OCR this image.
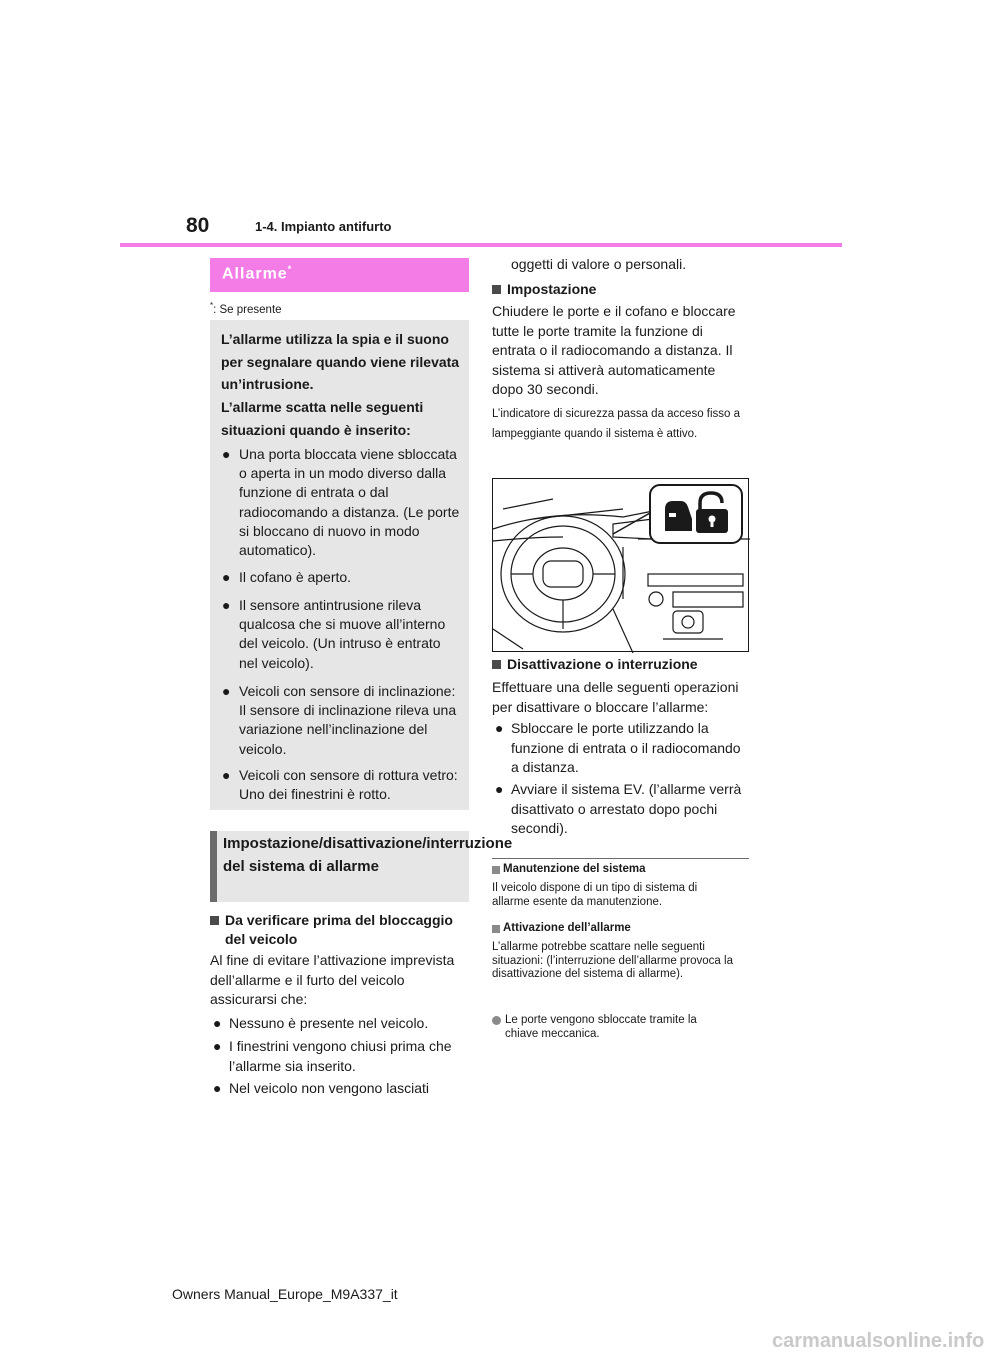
80	1-4. Impianto antifurto
Allarme*
*: Se presente
L’allarme utilizza la spia e il suono per segnalare quando viene rilevata un’intrusione.
L’allarme scatta nelle seguenti situazioni quando è inserito:
● Una porta bloccata viene sbloccata o aperta in un modo diverso dalla funzione di entrata o dal radiocomando a distanza. (Le porte si bloccano di nuovo in modo automatico).
● Il cofano è aperto.
● Il sensore antintrusione rileva qualcosa che si muove all’interno del veicolo. (Un intruso è entrato nel veicolo).
● Veicoli con sensore di inclinazione: Il sensore di inclinazione rileva una variazione nell’inclinazione del veicolo.
● Veicoli con sensore di rottura vetro: Uno dei finestrini è rotto.
Impostazione/disattivazione/interruzione del sistema di allarme
Da verificare prima del bloccaggio del veicolo
Al fine di evitare l’attivazione imprevista dell’allarme e il furto del veicolo assicurarsi che:
● Nessuno è presente nel veicolo.
● I finestrini vengono chiusi prima che l’allarme sia inserito.
● Nel veicolo non vengono lasciati
oggetti di valore o personali.
Impostazione
Chiudere le porte e il cofano e bloccare tutte le porte tramite la funzione di entrata o il radiocomando a distanza. Il sistema si attiverà automaticamente dopo 30 secondi.
L’indicatore di sicurezza passa da acceso fisso a lampeggiante quando il sistema è attivo.
Disattivazione o interruzione
Effettuare una delle seguenti operazioni per disattivare o bloccare l’allarme:
● Sbloccare le porte utilizzando la funzione di entrata o il radiocomando a distanza.
● Avviare il sistema EV. (l’allarme verrà disattivato o arrestato dopo pochi secondi).
Manutenzione del sistema
Il veicolo dispone di un tipo di sistema di allarme esente da manutenzione.
Attivazione dell’allarme
L’allarme potrebbe scattare nelle seguenti situazioni: (l’interruzione dell’allarme provoca la disattivazione del sistema di allarme).
Le porte vengono sbloccate tramite la chiave meccanica.
Owners Manual_Europe_M9A337_it
carmanualsonline.info
